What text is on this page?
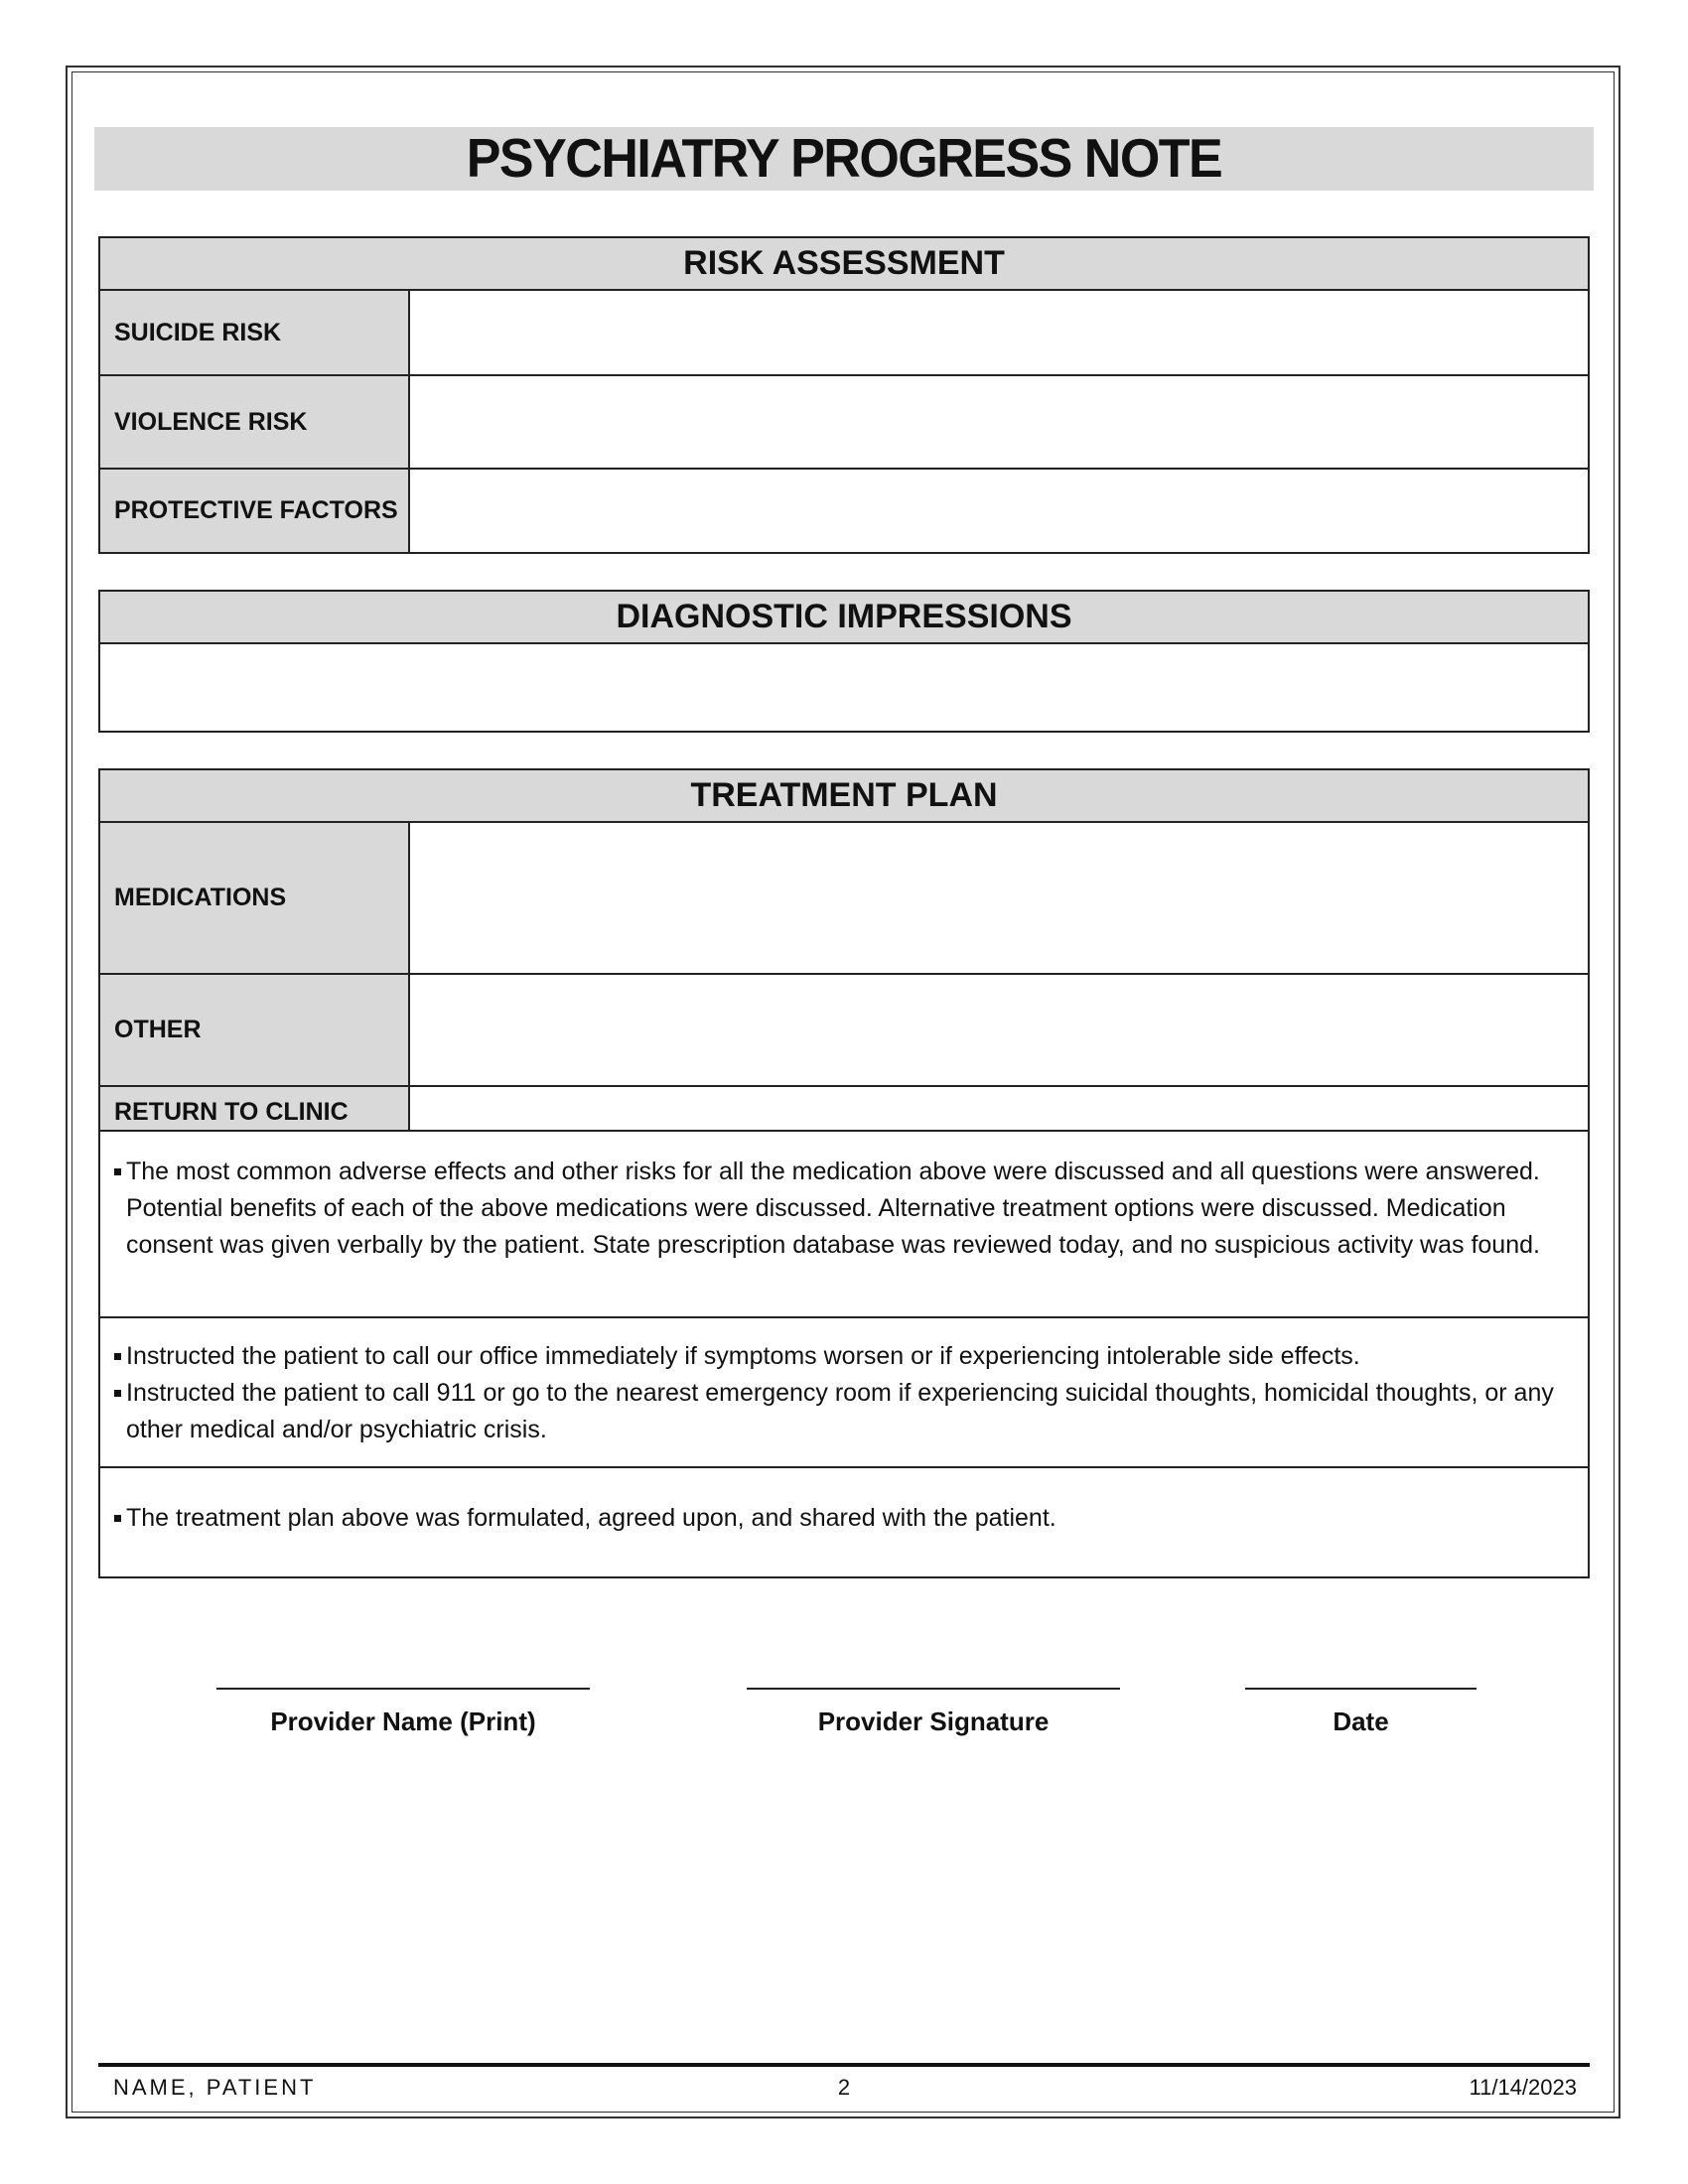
PSYCHIATRY PROGRESS NOTE
RISK ASSESSMENT
SUICIDE RISK
VIOLENCE RISK
PROTECTIVE FACTORS
DIAGNOSTIC IMPRESSIONS
TREATMENT PLAN
MEDICATIONS
OTHER
RETURN TO CLINIC
The most common adverse effects and other risks for all the medication above were discussed and all questions were answered. Potential benefits of each of the above medications were discussed. Alternative treatment options were discussed. Medication consent was given verbally by the patient. State prescription database was reviewed today, and no suspicious activity was found.
Instructed the patient to call our office immediately if symptoms worsen or if experiencing intolerable side effects.
Instructed the patient to call 911 or go to the nearest emergency room if experiencing suicidal thoughts, homicidal thoughts, or any other medical and/or psychiatric crisis.
The treatment plan above was formulated, agreed upon, and shared with the patient.
Provider Name (Print)	Provider Signature	Date
NAME, PATIENT	2	11/14/2023
